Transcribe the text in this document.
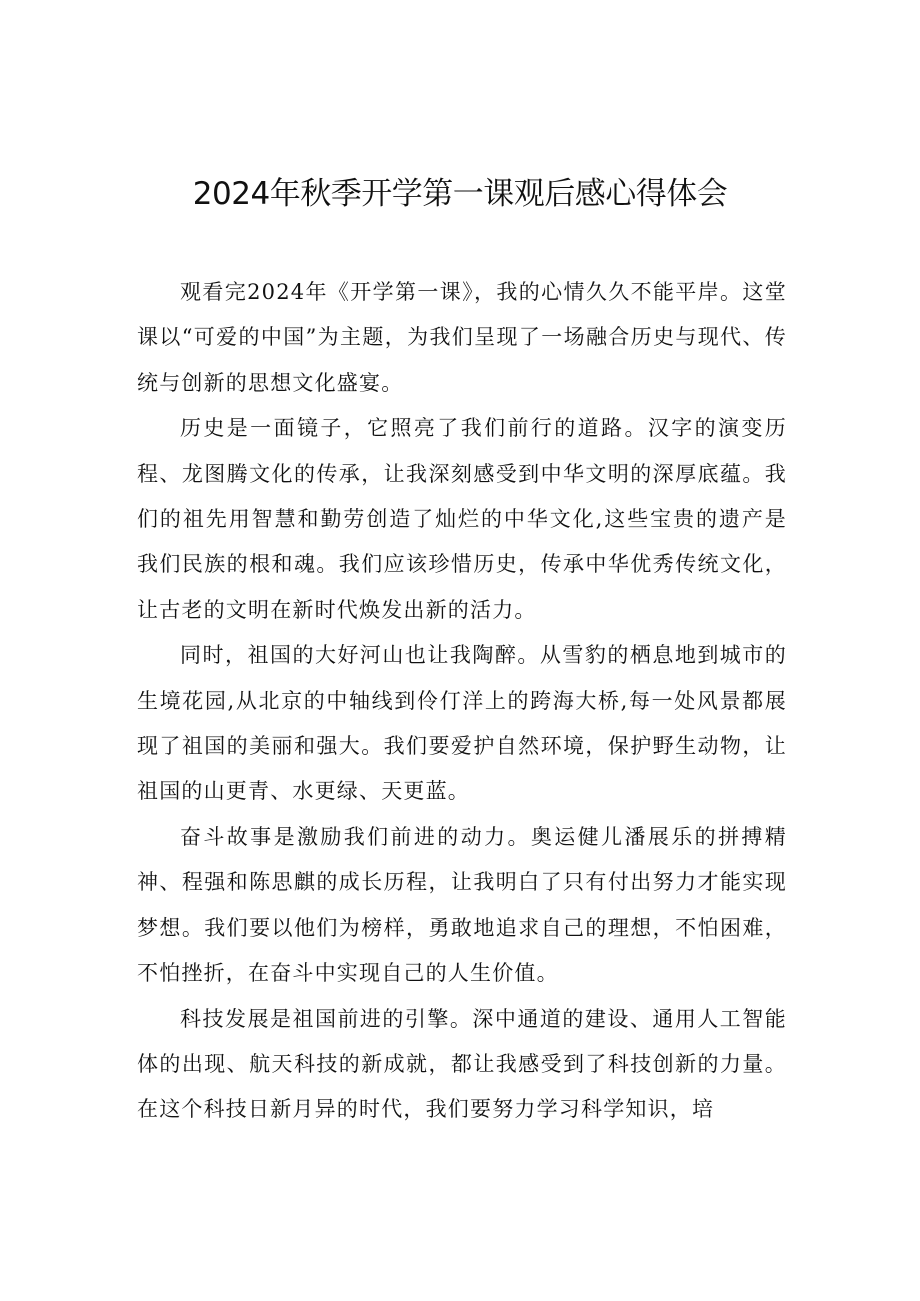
2024年秋季开学第一课观后感心得体会

观看完2024年《开学第一课》，我的心情久久不能平岸。这堂课以“可爱的中国”为主题，为我们呈现了一场融合历史与现代、传统与创新的思想文化盛宴。

历史是一面镜子，它照亮了我们前行的道路。汉字的演变历程、龙图腾文化的传承，让我深刻感受到中华文明的深厚底蕴。我们的祖先用智慧和勤劳创造了灿烂的中华文化,这些宝贵的遗产是我们民族的根和魂。我们应该珍惜历史，传承中华优秀传统文化，让古老的文明在新时代焕发出新的活力。

同时，祖国的大好河山也让我陶醉。从雪豹的栖息地到城市的生境花园,从北京的中轴线到伶仃洋上的跨海大桥,每一处风景都展现了祖国的美丽和强大。我们要爱护自然环境，保护野生动物，让祖国的山更青、水更绿、天更蓝。

奋斗故事是激励我们前进的动力。奥运健儿潘展乐的拼搏精神、程强和陈思麒的成长历程，让我明白了只有付出努力才能实现梦想。我们要以他们为榜样，勇敢地追求自己的理想，不怕困难，不怕挫折，在奋斗中实现自己的人生价值。

科技发展是祖国前进的引擎。深中通道的建设、通用人工智能体的出现、航天科技的新成就，都让我感受到了科技创新的力量。在这个科技日新月异的时代，我们要努力学习科学知识，培
